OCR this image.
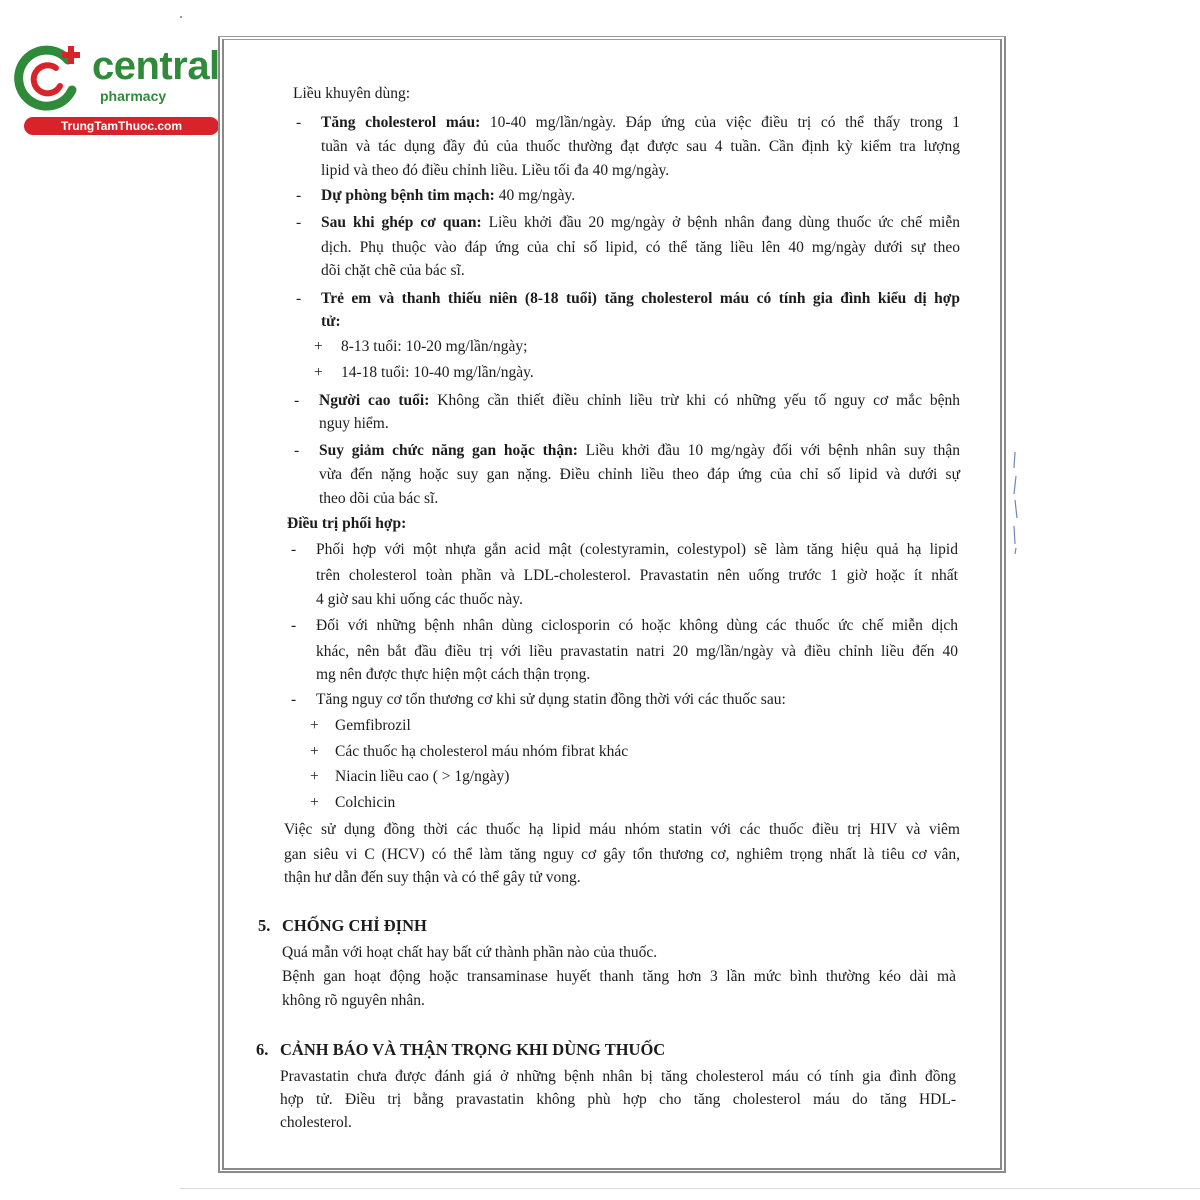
central
pharmacy
TrungTamThuoc.com
Liều khuyên dùng:
- Tăng cholesterol máu: 10-40 mg/lần/ngày. Đáp ứng của việc điều trị có thể thấy trong 1
tuần và tác dụng đầy đủ của thuốc thường đạt được sau 4 tuần. Cần định kỳ kiểm tra lượng
lipid và theo đó điều chỉnh liều. Liều tối đa 40 mg/ngày.
- Dự phòng bệnh tim mạch: 40 mg/ngày.
- Sau khi ghép cơ quan: Liều khởi đầu 20 mg/ngày ở bệnh nhân đang dùng thuốc ức chế miễn
dịch. Phụ thuộc vào đáp ứng của chỉ số lipid, có thể tăng liều lên 40 mg/ngày dưới sự theo
dõi chặt chẽ của bác sĩ.
- Trẻ em và thanh thiếu niên (8-18 tuổi) tăng cholesterol máu có tính gia đình kiểu dị hợp
tử:
+ 8-13 tuổi: 10-20 mg/lần/ngày;
+ 14-18 tuổi: 10-40 mg/lần/ngày.
- Người cao tuổi: Không cần thiết điều chỉnh liều trừ khi có những yếu tố nguy cơ mắc bệnh
nguy hiểm.
- Suy giảm chức năng gan hoặc thận: Liều khởi đầu 10 mg/ngày đối với bệnh nhân suy thận
vừa đến nặng hoặc suy gan nặng. Điều chỉnh liều theo đáp ứng của chỉ số lipid và dưới sự
theo dõi của bác sĩ.
Điều trị phối hợp:
- Phối hợp với một nhựa gắn acid mật (colestyramin, colestypol) sẽ làm tăng hiệu quả hạ lipid
trên cholesterol toàn phần và LDL-cholesterol. Pravastatin nên uống trước 1 giờ hoặc ít nhất
4 giờ sau khi uống các thuốc này.
- Đối với những bệnh nhân dùng ciclosporin có hoặc không dùng các thuốc ức chế miễn dịch
khác, nên bắt đầu điều trị với liều pravastatin natri 20 mg/lần/ngày và điều chỉnh liều đến 40
mg nên được thực hiện một cách thận trọng.
- Tăng nguy cơ tổn thương cơ khi sử dụng statin đồng thời với các thuốc sau:
+ Gemfibrozil
+ Các thuốc hạ cholesterol máu nhóm fibrat khác
+ Niacin liều cao ( > 1g/ngày)
+ Colchicin
Việc sử dụng đồng thời các thuốc hạ lipid máu nhóm statin với các thuốc điều trị HIV và viêm
gan siêu vi C (HCV) có thể làm tăng nguy cơ gây tổn thương cơ, nghiêm trọng nhất là tiêu cơ vân,
thận hư dẫn đến suy thận và có thể gây tử vong.
5. CHỐNG CHỈ ĐỊNH
Quá mẫn với hoạt chất hay bất cứ thành phần nào của thuốc.
Bệnh gan hoạt động hoặc transaminase huyết thanh tăng hơn 3 lần mức bình thường kéo dài mà
không rõ nguyên nhân.
6. CẢNH BÁO VÀ THẬN TRỌNG KHI DÙNG THUỐC
Pravastatin chưa được đánh giá ở những bệnh nhân bị tăng cholesterol máu có tính gia đình đồng
hợp tử. Điều trị bằng pravastatin không phù hợp cho tăng cholesterol máu do tăng HDL-
cholesterol.
